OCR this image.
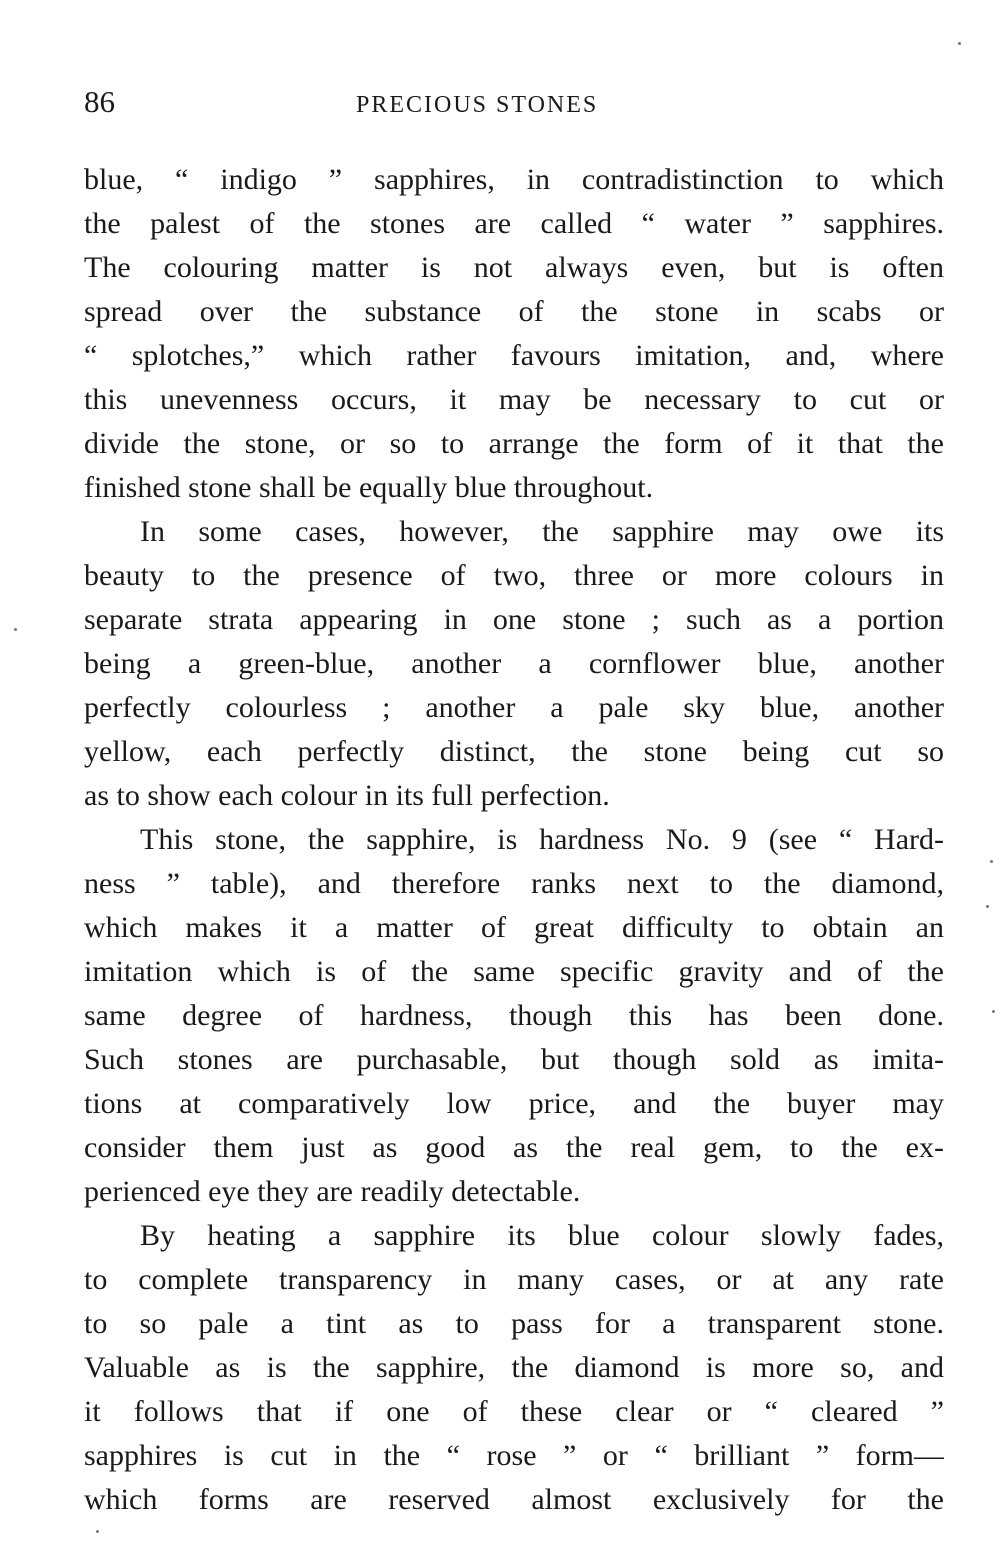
86	PRECIOUS STONES
blue, “ indigo ” sapphires, in contradistinction to which
the palest of the stones are called “ water ” sapphires.
The colouring matter is not always even, but is often
spread over the substance of the stone in scabs or
“ splotches,” which rather favours imitation, and, where
this unevenness occurs, it may be necessary to cut or
divide the stone, or so to arrange the form of it that the
finished stone shall be equally blue throughout.
In some cases, however, the sapphire may owe its
beauty to the presence of two, three or more colours in
separate strata appearing in one stone ; such as a portion
being a green-blue, another a cornflower blue, another
perfectly colourless ; another a pale sky blue, another
yellow, each perfectly distinct, the stone being cut so
as to show each colour in its full perfection.
This stone, the sapphire, is hardness No. 9 (see “ Hard-
ness ” table), and therefore ranks next to the diamond,
which makes it a matter of great difficulty to obtain an
imitation which is of the same specific gravity and of the
same degree of hardness, though this has been done.
Such stones are purchasable, but though sold as imita-
tions at comparatively low price, and the buyer may
consider them just as good as the real gem, to the ex-
perienced eye they are readily detectable.
By heating a sapphire its blue colour slowly fades,
to complete transparency in many cases, or at any rate
to so pale a tint as to pass for a transparent stone.
Valuable as is the sapphire, the diamond is more so, and
it follows that if one of these clear or “ cleared ”
sapphires is cut in the “ rose ” or “ brilliant ” form—
which forms are reserved almost exclusively for the
